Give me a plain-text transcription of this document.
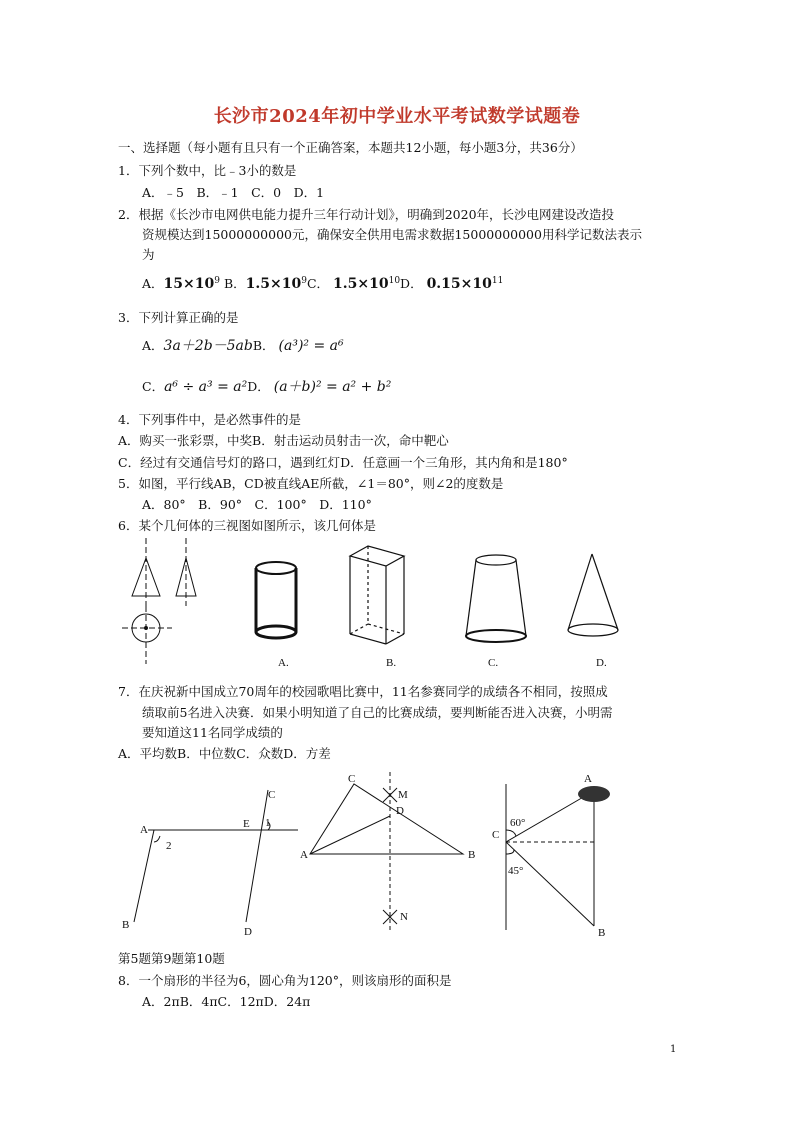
长沙市2024年初中学业水平考试数学试题卷
一、选择题（每小题有且只有一个正确答案，本题共12小题，每小题3分，共36分）
1．下列个数中，比﹣3小的数是
A．﹣5　B．﹣1　C．0　D．1
2．根据《长沙市电网供电能力提升三年行动计划》，明确到2020年，长沙电网建设改造投
资规模达到15000000000元，确保安全供用电需求数据15000000000用科学记数法表示
为
A．$15\times 10^9$ B．$1.5\times 10^9C$． $1.5\times 10^{10}D$． $0.15\times 10^{11}$
3．下列计算正确的是
A．3a＋2b－5abB． (a³)² = a⁶
C．a⁶ ÷ a³ = a²D． (a＋b)² = a² + b²
4．下列事件中，是必然事件的是
A．购买一张彩票，中奖B．射击运动员射击一次，命中靶心
C．经过有交通信号灯的路口，遇到红灯D．任意画一个三角形，其内角和是180°
5．如图，平行线AB，CD被直线AE所截，∠1＝80°，则∠2的度数是
A．80°　B．90°　C．100°　D．110°
6．某个几何体的三视图如图所示，该几何体是
A.	B.	C.	D.
7．在庆祝新中国成立70周年的校园歌唱比赛中，11名参赛同学的成绩各不相同，按照成
绩取前5名进入决赛．如果小明知道了自己的比赛成绩，要判断能否进入决赛，小明需
要知道这11名同学成绩的
A．平均数B．中位数C．众数D．方差
A
B
C
D
E 1
2
A	B
C
D
M
N
A
B
C
60°
45°
第5题第9题第10题
8．一个扇形的半径为6，圆心角为120°，则该扇形的面积是
A．2πB．4πC．12πD．24π
1
